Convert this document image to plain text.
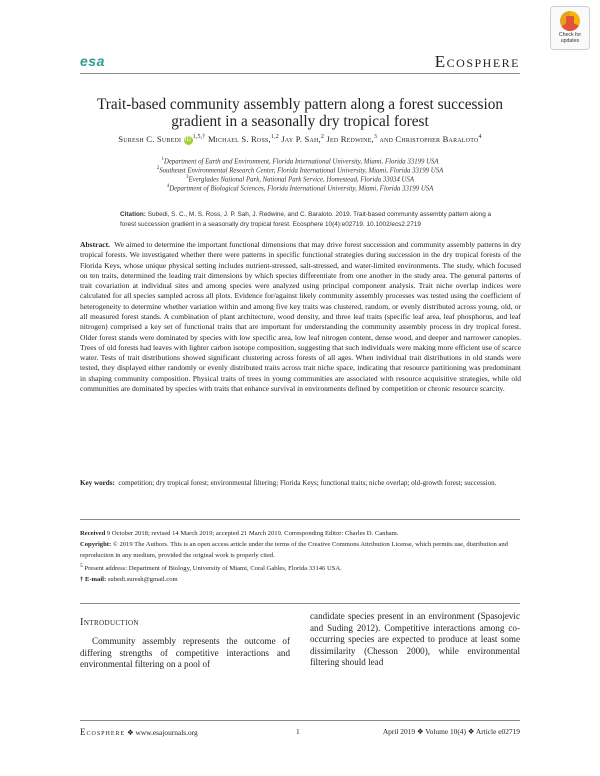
Check for
updates
esa	Ecosphere
Trait-based community assembly pattern along a forest succession gradient in a seasonally dry tropical forest
Suresh C. Subedi $iD^{1,5,\dagger}$ Michael S. Ross,$^{1,2}$ Jay P. Sah,$^2$ Jed Redwine,$^3$ and Christopher Baraloto$^4$
$^1$Department of Earth and Environment, Florida International University, Miami, Florida 33199 USA
$^2$Southeast Environmental Research Center, Florida International University, Miami, Florida 33199 USA
$^3$Everglades National Park, National Park Service, Homestead, Florida 33034 USA
$^4$Department of Biological Sciences, Florida International University, Miami, Florida 33199 USA
Citation: Subedi, S. C., M. S. Ross, J. P. Sah, J. Redwine, and C. Baraloto. 2019. Trait-based community assembly pattern along a forest succession gradient in a seasonally dry tropical forest. Ecosphere 10(4):e02719. 10.1002/ecs2.2719
Abstract. We aimed to determine the important functional dimensions that may drive forest succession and community assembly patterns in dry tropical forests. We investigated whether there were patterns in specific functional strategies during succession in the dry tropical forests of the Florida Keys, whose unique physical setting includes nutrient-stressed, salt-stressed, and water-limited environments. The study, which focused on ten traits, determined the leading trait dimensions by which species differentiate from one another in the study area. The general patterns of trait covariation at individual sites and among species were analyzed using principal component analysis. Trait niche overlap indices were calculated for all species sampled across all plots. Evidence for/against likely community assembly processes was tested using the coefficient of heterogeneity to determine whether variation within and among five key traits was clustered, random, or evenly distributed across young, old, or all measured forest stands. A combination of plant architecture, wood density, and three leaf traits (specific leaf area, leaf phosphorus, and leaf nitrogen) comprised a key set of functional traits that are important for understanding the community assembly process in dry tropical forest. Older forest stands were dominated by species with low specific area, low leaf nitrogen content, dense wood, and deeper and narrower canopies. Trees of old forests had leaves with lighter carbon isotope composition, suggesting that such individuals were making more efficient use of scarce water. Tests of trait distributions showed significant clustering across forests of all ages. When individual trait distributions in old stands were tested, they displayed either randomly or evenly distributed traits across trait niche space, indicating that resource partitioning was predominant in shaping community composition. Physical traits of trees in young communities are associated with resource acquisitive strategies, while old communities are dominated by species with traits that enhance survival in environments defined by competition or chronic resource scarcity.
Key words: competition; dry tropical forest; environmental filtering; Florida Keys; functional traits; niche overlap; old-growth forest; succession.
Received 9 October 2018; revised 14 March 2019; accepted 21 March 2019. Corresponding Editor: Charles D. Canham.
Copyright: © 2019 The Authors. This is an open access article under the terms of the Creative Commons Attribution License, which permits use, distribution and reproduction in any medium, provided the original work is properly cited.
$^5$ Present address: Department of Biology, University of Miami, Coral Gables, Florida 33146 USA.
† E-mail: subedi.suresh@gmail.com
Introduction
Community assembly represents the outcome of differing strengths of competitive interactions and environmental filtering on a pool of
candidate species present in an environment (Spasojevic and Suding 2012). Competitive interactions among co-occurring species are expected to produce at least some dissimilarity (Chesson 2000), while environmental filtering should lead
Ecosphere ❖ www.esajournals.org	1	April 2019 ❖ Volume 10(4) ❖ Article e02719
